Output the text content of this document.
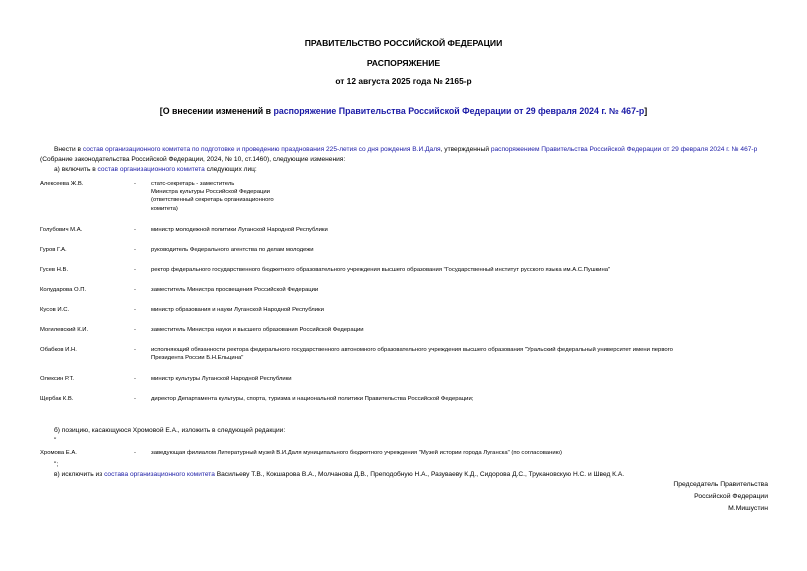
ПРАВИТЕЛЬСТВО РОССИЙСКОЙ ФЕДЕРАЦИИ
РАСПОРЯЖЕНИЕ
от 12 августа 2025 года № 2165-р
[О внесении изменений в распоряжение Правительства Российской Федерации от 29 февраля 2024 г. № 467-р]
Внести в состав организационного комитета по подготовке и проведению празднования 225-летия со дня рождения В.И.Даля, утвержденный распоряжением Правительства Российской Федерации от 29 февраля 2024 г. № 467-р (Собрание законодательства Российской Федерации, 2024, № 10, ст.1460), следующие изменения:
а) включить в состав организационного комитета следующих лиц:
Алексеева Ж.В.	-	статс-секретарь - заместитель
Министра культуры Российской Федерации
(ответственный секретарь организационного
комитета)
Голубович М.А.	-	министр молодежной политики Луганской Народной Республики
Гуров Г.А.	-	руководитель Федерального агентства по делам молодежи
Гусев Н.В.	-	ректор федерального государственного бюджетного образовательного учреждения высшего образования "Государственный институт русского языка им.А.С.Пушкина"
Колударова О.П.	-	заместитель Министра просвещения Российской Федерации
Кусов И.С.	-	министр образования и науки Луганской Народной Республики
Могилевский К.И.	-	заместитель Министра науки и высшего образования Российской Федерации
Обабков И.Н.	-	исполняющий обязанности ректора федерального государственного автономного образовательного учреждения высшего образования "Уральский федеральный университет имени первого
Президента России Б.Н.Ельцина"
Олексин Р.Т.	-	министр культуры Луганской Народной Республики
Щербак К.В.	-	директор Департамента культуры, спорта, туризма и национальной политики Правительства Российской Федерации;
б) позицию, касающуюся Хромовой Е.А., изложить в следующей редакции:
"
Хромова Е.А.	-	заведующая филиалом Литературный музей В.И.Даля муниципального бюджетного учреждения "Музей истории города Луганска" (по согласованию)
";
в) исключить из состава организационного комитета Васильеву Т.В., Кокшарова В.А., Молчанова Д.В., Преподобную Н.А., Разуваеву К.Д., Сидорова Д.С., Трукановскую Н.С. и Швед К.А.
Председатель Правительства
Российской Федерации
М.Мишустин
